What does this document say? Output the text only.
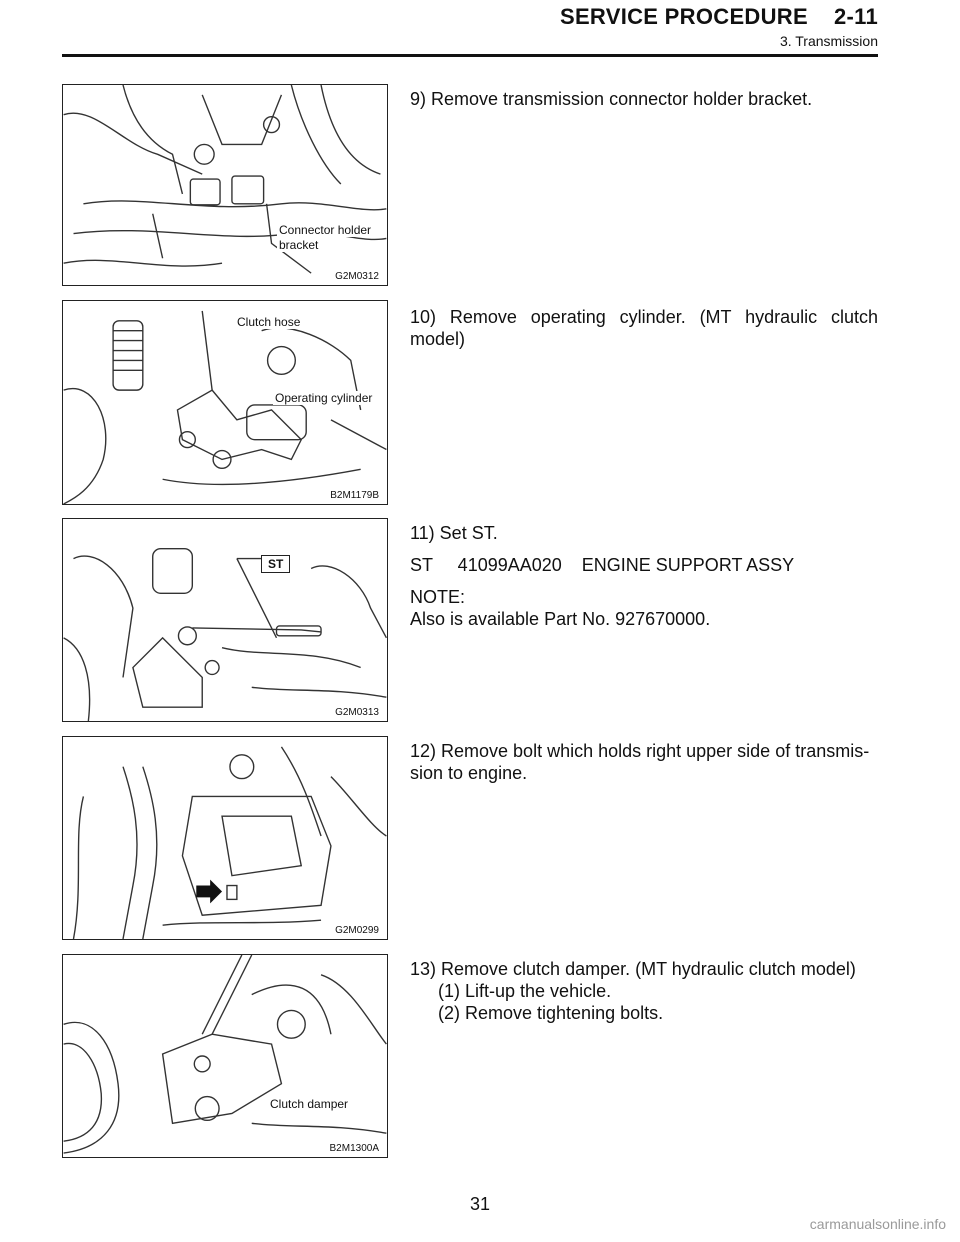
SERVICE PROCEDURE 2-11
3. Transmission
Connector holder
bracket
G2M0312

9) Remove transmission connector holder bracket.

Clutch hose
Operating cylinder
B2M1179B

10) Remove operating cylinder. (MT hydraulic clutch model)

ST
G2M0313

11) Set ST.

ST     41099AA020    ENGINE SUPPORT ASSY

NOTE:

Also is available Part No. 927670000.

G2M0299

12) Remove bolt which holds right upper side of transmis- sion to engine.

Clutch damper
B2M1300A

13) Remove clutch damper. (MT hydraulic clutch model)

(1) Lift-up the vehicle.

(2) Remove tightening bolts.

31
carmanualsonline.info
